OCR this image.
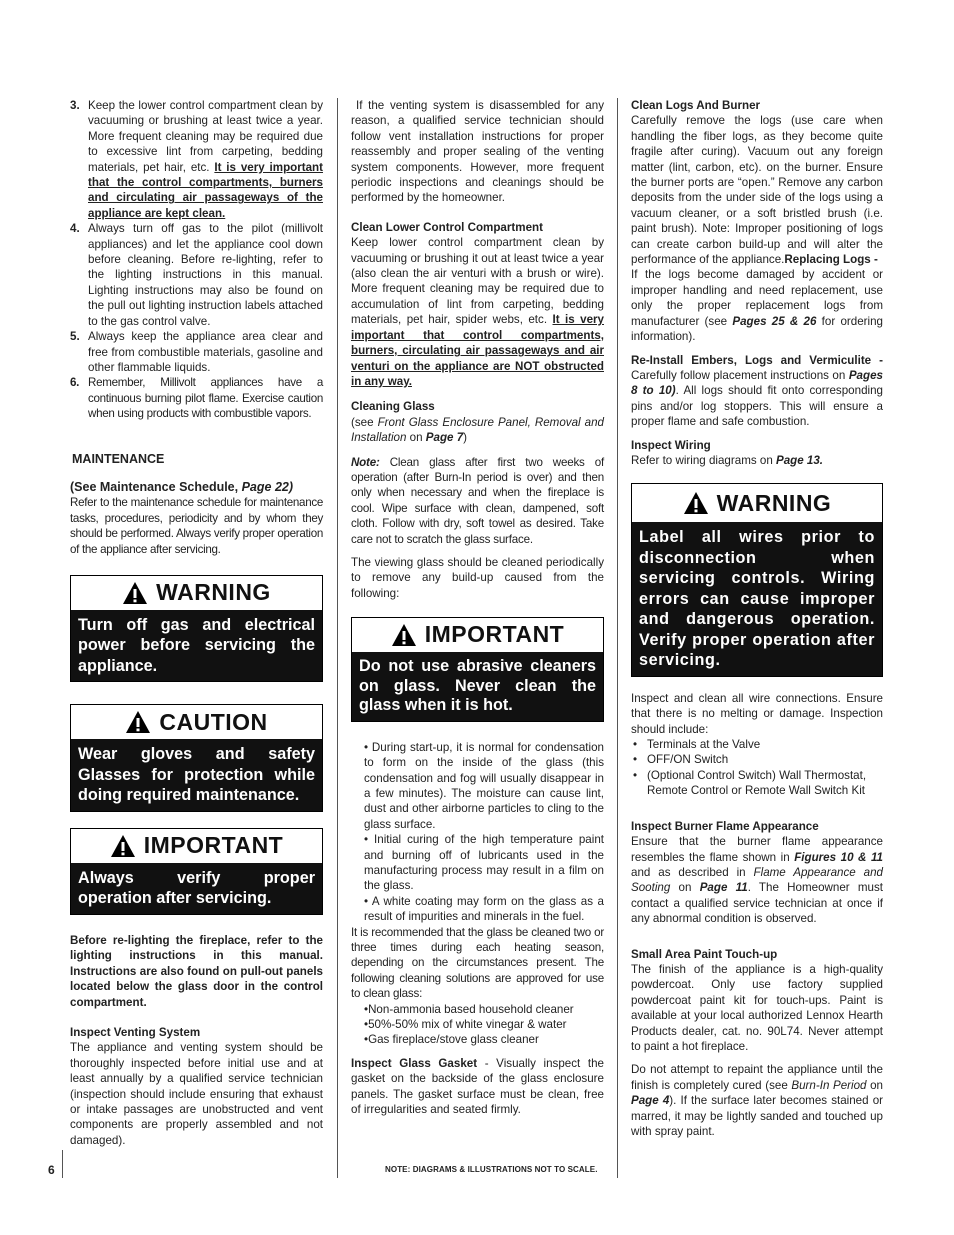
3. Keep the lower control compartment clean by vacuuming or brushing at least twice a year. More frequent cleaning may be required due to excessive lint from carpeting, bedding materials, pet hair, etc. It is very important that the control compartments, burners and circulating air passageways of the appliance are kept clean.
4. Always turn off gas to the pilot (millivolt appliances) and let the appliance cool down before cleaning. Before re-lighting, refer to the lighting instructions in this manual. Lighting instructions may also be found on the pull out lighting instruction labels attached to the gas control valve.
5. Always keep the appliance area clear and free from combustible materials, gasoline and other flammable liquids.
6. Remember, Millivolt appliances have a continuous burning pilot flame. Exercise caution when using products with combustible vapors.
MAINTENANCE
(See Maintenance Schedule, Page 22)

Refer to the maintenance schedule for maintenance tasks, procedures, periodicity and by whom they should be performed. Always verify proper operation of the appliance after servicing.

WARNING
Turn off gas and electrical power before servicing the appliance.
CAUTION
Wear gloves and safety Glasses for protection while doing required maintenance.
IMPORTANT
Always verify proper operation after servicing.

Before re-lighting the fireplace, refer to the lighting instructions in this manual. Instructions are also found on pull-out panels located below the glass door in the control compartment.

Inspect Venting System

The appliance and venting system should be thoroughly inspected before initial use and at least annually by a qualified service technician (inspection should include ensuring that exhaust or intake passages are unobstructed and vent components are properly assembled and not damaged).

If the venting system is disassembled for any reason, a qualified service technician should follow vent installation instructions for proper reassembly and proper sealing of the venting system components. However, more frequent periodic inspections and cleanings should be performed by the homeowner.

Clean Lower Control Compartment

Keep lower control compartment clean by vacuuming or brushing it out at least twice a year (also clean the air venturi with a brush or wire). More frequent cleaning may be required due to accumulation of lint from carpeting, bedding materials, pet hair, spider webs, etc. It is very important that control compartments, burners, circulating air passageways and air venturi on the appliance are NOT obstructed in any way.

Cleaning Glass

(see Front Glass Enclosure Panel, Removal and Installation on Page 7)

Note: Clean glass after first two weeks of operation (after Burn-In period is over) and then only when necessary and when the fireplace is cool. Wipe surface with clean, dampened, soft cloth. Follow with dry, soft towel as desired. Take care not to scratch the glass surface.

The viewing glass should be cleaned periodically to remove any build-up caused from the following:

IMPORTANT
Do not use abrasive cleaners on glass. Never clean the glass when it is hot.

• During start-up, it is normal for condensation to form on the inside of the glass (this condensation and fog will usually disappear in a few minutes). The moisture can cause lint, dust and other airborne particles to cling to the glass surface.

• Initial curing of the high temperature paint and burning off of lubricants used in the manufacturing process may result in a film on the glass.

• A white coating may form on the glass as a result of impurities and minerals in the fuel.

It is recommended that the glass be cleaned two or three times during each heating season, depending on the circumstances present. The following cleaning solutions are approved for use to clean glass:

• Non-ammonia based household cleaner
• 50%-50% mix of white vinegar & water
• Gas fireplace/stove glass cleaner

Inspect Glass Gasket - Visually inspect the gasket on the backside of the glass enclosure panels. The gasket surface must be clean, free of irregularities and seated firmly.

Clean Logs And Burner

Carefully remove the logs (use care when handling the fiber logs, as they become quite fragile after curing). Vacuum out any foreign matter (lint, carbon, etc). on the burner. Ensure the burner ports are “open.” Remove any carbon deposits from the under side of the logs using a vacuum cleaner, or a soft bristled brush (i.e. paint brush). Note: Improper positioning of logs can create carbon build-up and will alter the performance of the appliance.Replacing Logs -

If the logs become damaged by accident or improper handling and need replacement, use only the proper replacement logs from manufacturer (see Pages 25 & 26 for ordering information).

Re-Install Embers, Logs and Vermiculite - Carefully follow placement instructions on Pages 8 to 10). All logs should fit onto corresponding pins and/or log stoppers. This will ensure a proper flame and safe combustion.

Inspect Wiring

Refer to wiring diagrams on Page 13.

WARNING
Label all wires prior to disconnection when servicing controls. Wiring errors can cause improper and dangerous operation. Verify proper operation after servicing.

Inspect and clean all wire connections. Ensure that there is no melting or damage. Inspection should include:

• Terminals at the Valve
• OFF/ON Switch
• (Optional Control Switch) Wall Thermostat, Remote Control or Remote Wall Switch Kit
Inspect Burner Flame Appearance

Ensure that the burner flame appearance resembles the flame shown in Figures 10 & 11 and as described in Flame Appearance and Sooting on Page 11. The Homeowner must contact a qualified service technician at once if any abnormal condition is observed.

Small Area Paint Touch-up

The finish of the appliance is a high-quality powdercoat. Only use factory supplied powdercoat paint kit for touch-ups. Paint is available at your local authorized Lennox Hearth Products dealer, cat. no. 90L74. Never attempt to paint a hot fireplace.

Do not attempt to repaint the appliance until the finish is completely cured (see Burn-In Period on Page 4). If the surface later becomes stained or marred, it may be lightly sanded and touched up with spray paint.

6	NOTE: DIAGRAMS & ILLUSTRATIONS NOT TO SCALE.
